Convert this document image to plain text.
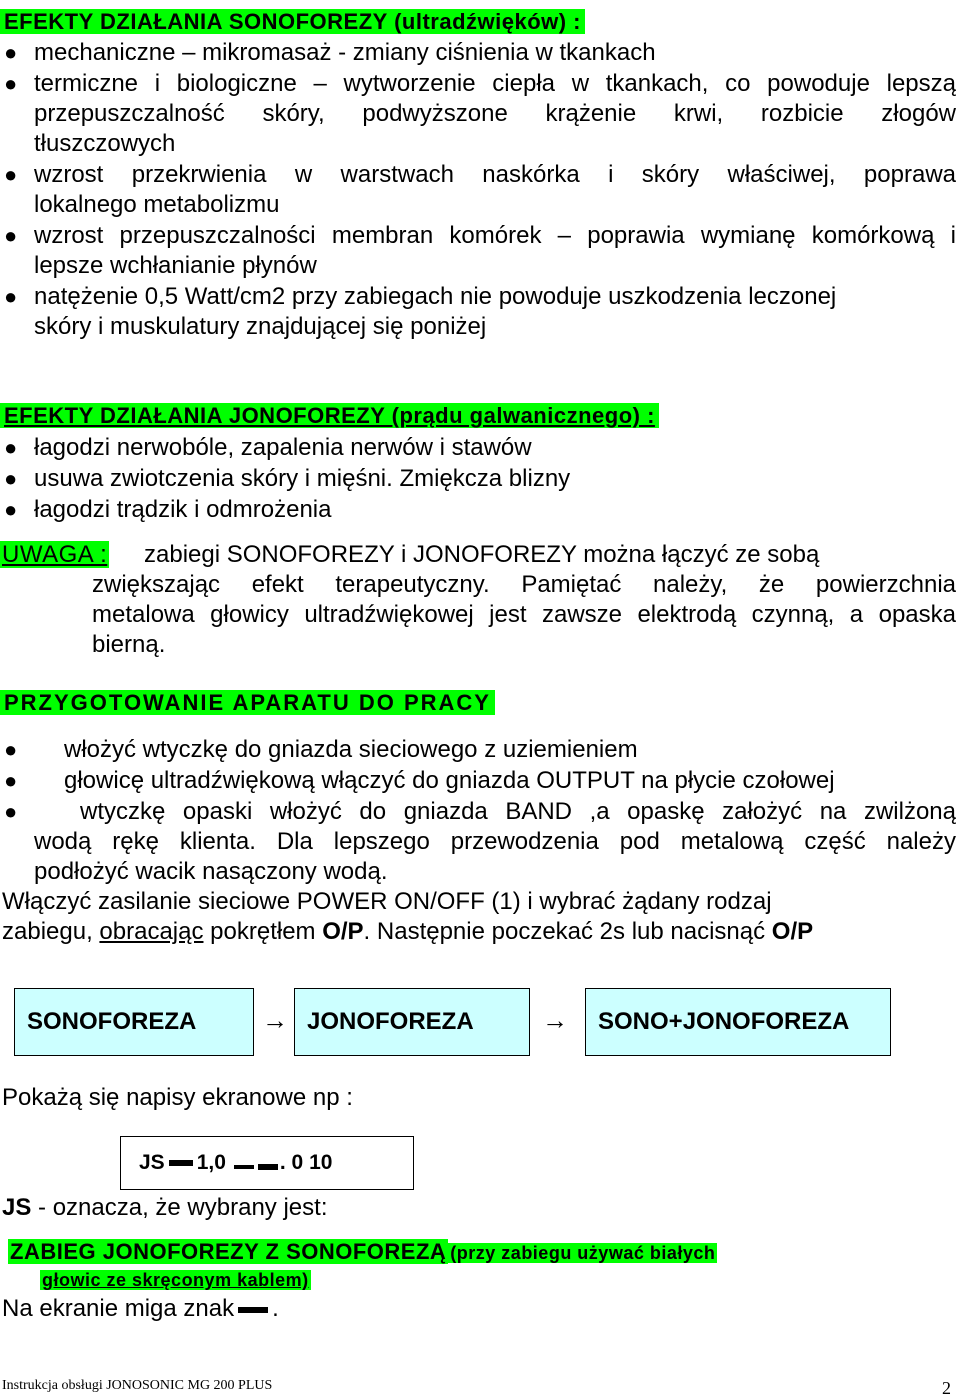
EFEKTY DZIAŁANIA SONOFOREZY (ultradźwięków) :
● mechaniczne – mikromasaż - zmiany ciśnienia w tkankach
● termiczne i biologiczne – wytworzenie ciepła w tkankach, co powoduje lepszą
przepuszczalność skóry, podwyższone krążenie krwi, rozbicie złogów
tłuszczowych
● wzrost przekrwienia w warstwach naskórka i skóry właściwej, poprawa
lokalnego metabolizmu
● wzrost przepuszczalności membran komórek – poprawia wymianę komórkową i
lepsze wchłanianie płynów
● natężenie 0,5 Watt/cm2 przy zabiegach nie powoduje uszkodzenia leczonej
skóry i muskulatury znajdującej się poniżej
EFEKTY DZIAŁANIA JONOFOREZY (prądu galwanicznego) :
● łagodzi nerwobóle, zapalenia nerwów i stawów
● usuwa zwiotczenia skóry i mięśni. Zmiękcza blizny
● łagodzi trądzik i odmrożenia
UWAGA : zabiegi SONOFOREZY i JONOFOREZY można łączyć ze sobą
zwiększając efekt terapeutyczny. Pamiętać należy, że powierzchnia
metalowa głowicy ultradźwiękowej jest zawsze elektrodą czynną, a opaska
bierną.
PRZYGOTOWANIE APARATU DO PRACY
● włożyć wtyczkę do gniazda sieciowego z uziemieniem
● głowicę ultradźwiękową włączyć do gniazda OUTPUT na płycie czołowej
●	wtyczkę opaski włożyć do gniazda BAND ,a opaskę założyć na zwilżoną
wodą rękę klienta. Dla lepszego przewodzenia pod metalową część należy
podłożyć wacik nasączony wodą.
Włączyć zasilanie sieciowe POWER ON/OFF (1) i wybrać żądany rodzaj
zabiegu, obracając pokrętłem O/P. Następnie poczekać 2s lub nacisnąć O/P
SONOFOREZA	→ JONOFOREZA	→ SONO+JONOFOREZA
Pokażą się napisy ekranowe np :
JS 1,0	. 0 10
JS - oznacza, że wybrany jest:
ZABIEG JONOFOREZY Z SONOFOREZĄ (przy zabiegu używać białych
głowic ze skręconym kablem)
Na ekranie miga znak .
Instrukcja obsługi JONOSONIC MG 200 PLUS	2
